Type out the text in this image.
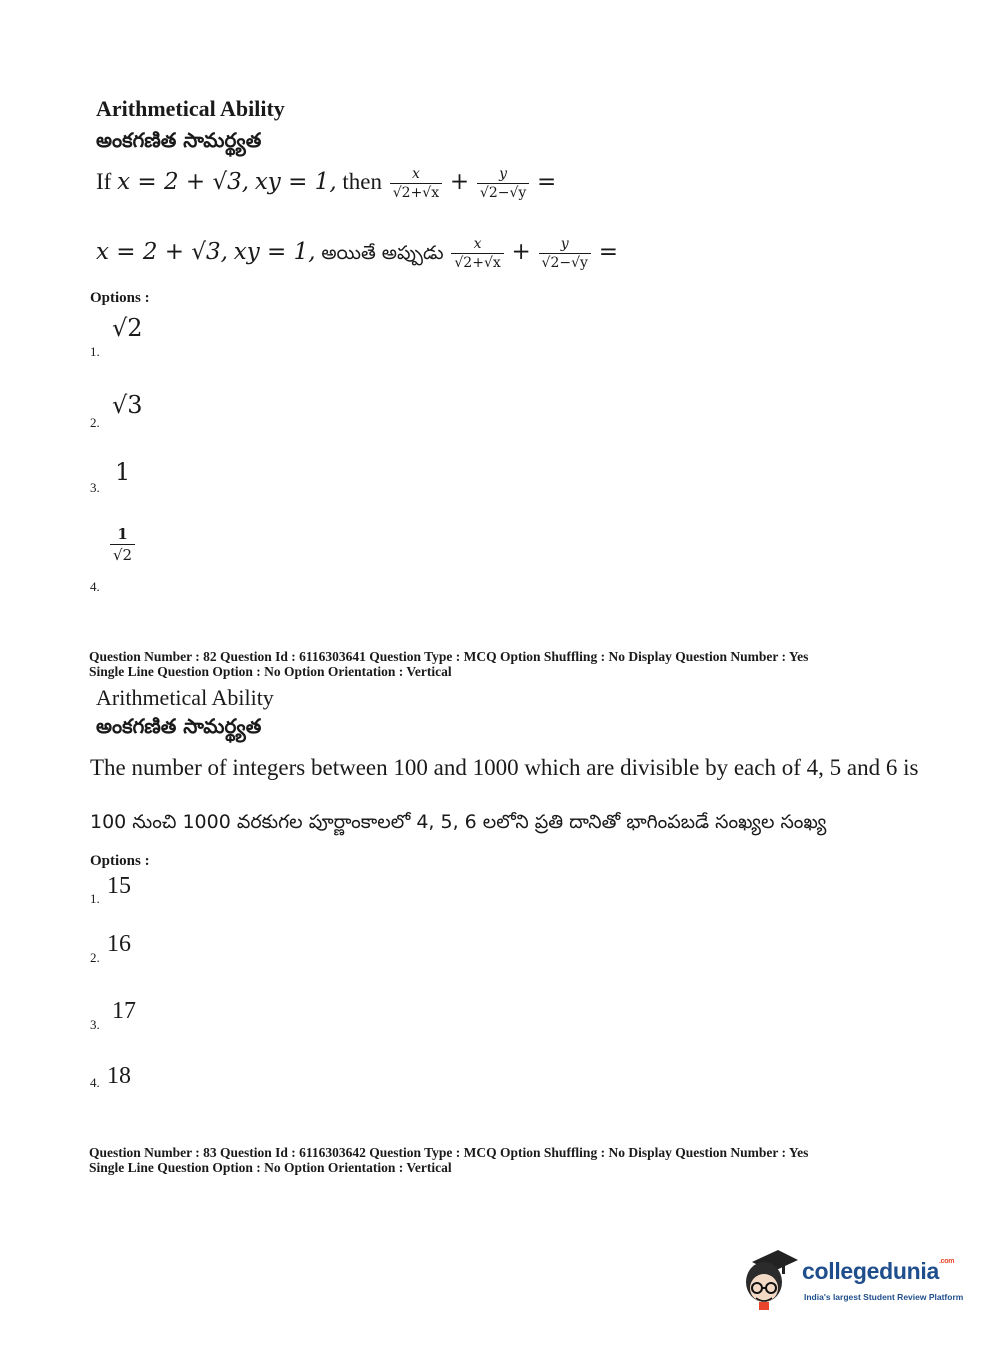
Arithmetical Ability
అంకగణిత సామర్థ్యత
If x = 2 + √3, xy = 1, then $\frac{x}{√2+√x} + \frac{y}{√2-√y}$ =
x = 2 + √3, xy = 1, అయితే అప్పుడు $\frac{x}{√2+√x} + \frac{y}{√2-√y}$ =
Options :
1.
√2
2.
√3
3.
1
4.
$\frac{1}{√2}$
Question Number : 82 Question Id : 6116303641 Question Type : MCQ Option Shuffling : No Display Question Number : Yes
Single Line Question Option : No Option Orientation : Vertical
Arithmetical Ability
అంకగణిత సామర్థ్యత
The number of integers between 100 and 1000 which are divisible by each of 4, 5 and 6 is
100 నుంచి 1000 వరకుగల పూర్ణాంకాలలో 4, 5, 6 లలోని ప్రతి దానితో భాగింపబడే సంఖ్యల సంఖ్య
Options :
1. 15
2.
16
3.
17
4. 18
Question Number : 83 Question Id : 6116303642 Question Type : MCQ Option Shuffling : No Display Question Number : Yes
Single Line Question Option : No Option Orientation : Vertical
collegedunia$^{.com}$
India's largest Student Review Platform
